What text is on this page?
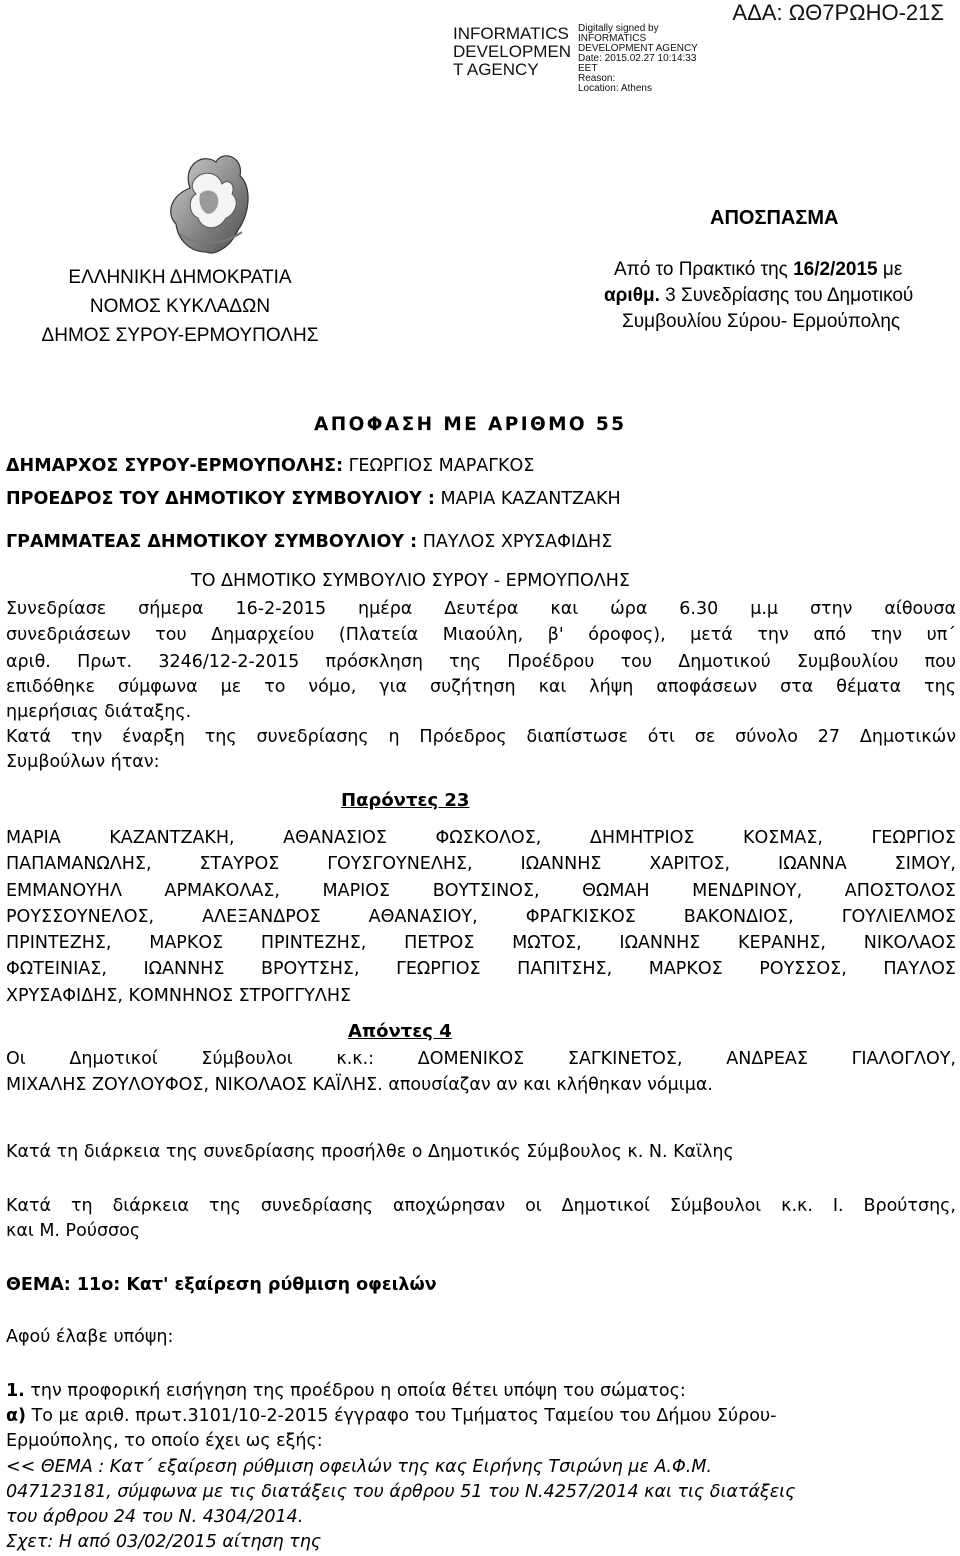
INFORMATICS
DEVELOPMEN
T AGENCY
Digitally signed by
INFORMATICS
DEVELOPMENT AGENCY
Date: 2015.02.27 10:14:33
EET
Reason:
Location: Athens
ΑΔΑ: ΩΘ7ΡΩΗΟ-21Σ
ΑΠΟΣΠΑΣΜΑ
Από το Πρακτικό της 16/2/2015 με
αριθμ. 3 Συνεδρίασης του Δημοτικού
Συμβουλίου Σύρου- Ερμούπολης
ΕΛΛΗΝΙΚΗ ΔΗΜΟΚΡΑΤΙΑ
ΝΟΜΟΣ ΚΥΚΛΑΔΩΝ
ΔΗΜΟΣ ΣΥΡΟΥ-ΕΡΜΟΥΠΟΛΗΣ
ΑΠΟΦΑΣΗ ΜΕ ΑΡΙΘΜΟ 55
ΔΗΜΑΡΧΟΣ ΣΥΡΟΥ-ΕΡΜΟΥΠΟΛΗΣ: ΓΕΩΡΓΙΟΣ ΜΑΡΑΓΚΟΣ
ΠΡΟΕΔΡΟΣ ΤΟΥ ΔΗΜΟΤΙΚΟΥ ΣΥΜΒΟΥΛΙΟΥ : ΜΑΡΙΑ ΚΑΖΑΝΤΖΑΚΗ
ΓΡΑΜΜΑΤΕΑΣ ΔΗΜΟΤΙΚΟΥ ΣΥΜΒΟΥΛΙΟΥ : ΠΑΥΛΟΣ ΧΡΥΣΑΦΙΔΗΣ
ΤΟ ΔΗΜΟΤΙΚΟ ΣΥΜΒΟΥΛΙΟ ΣΥΡΟΥ - ΕΡΜΟΥΠΟΛΗΣ
Συνεδρίασε σήμερα 16-2-2015 ημέρα Δευτέρα και ώρα 6.30 μ.μ στην αίθουσα
συνεδριάσεων του Δημαρχείου (Πλατεία Μιαούλη, β' όροφος), μετά την από την υπ΄
αριθ. Πρωτ. 3246/12-2-2015 πρόσκληση της Προέδρου του Δημοτικού Συμβουλίου που
επιδόθηκε σύμφωνα με το νόμο, για συζήτηση και λήψη αποφάσεων στα θέματα της
ημερήσιας διάταξης.
Κατά την έναρξη της συνεδρίασης η Πρόεδρος διαπίστωσε ότι σε σύνολο 27 Δημοτικών
Συμβούλων ήταν:
Παρόντες 23
ΜΑΡΙΑ ΚΑΖΑΝΤΖΑΚΗ, ΑΘΑΝΑΣΙΟΣ ΦΩΣΚΟΛΟΣ, ΔΗΜΗΤΡΙΟΣ ΚΟΣΜΑΣ, ΓΕΩΡΓΙΟΣ
ΠΑΠΑΜΑΝΩΛΗΣ, ΣΤΑΥΡΟΣ ΓΟΥΣΓΟΥΝΕΛΗΣ, ΙΩΑΝΝΗΣ ΧΑΡΙΤΟΣ, ΙΩΑΝΝΑ ΣΙΜΟΥ,
ΕΜΜΑΝΟΥΗΛ ΑΡΜΑΚΟΛΑΣ, ΜΑΡΙΟΣ ΒΟΥΤΣΙΝΟΣ, ΘΩΜΑΗ ΜΕΝΔΡΙΝΟΥ, ΑΠΟΣΤΟΛΟΣ
ΡΟΥΣΣΟΥΝΕΛΟΣ, ΑΛΕΞΑΝΔΡΟΣ ΑΘΑΝΑΣΙΟΥ, ΦΡΑΓΚΙΣΚΟΣ ΒΑΚΟΝΔΙΟΣ, ΓΟΥΛΙΕΛΜΟΣ
ΠΡΙΝΤΕΖΗΣ, ΜΑΡΚΟΣ ΠΡΙΝΤΕΖΗΣ, ΠΕΤΡΟΣ ΜΩΤΟΣ, ΙΩΑΝΝΗΣ ΚΕΡΑΝΗΣ, ΝΙΚΟΛΑΟΣ
ΦΩΤΕΙΝΙΑΣ, ΙΩΑΝΝΗΣ ΒΡΟΥΤΣΗΣ, ΓΕΩΡΓΙΟΣ ΠΑΠΙΤΣΗΣ, ΜΑΡΚΟΣ ΡΟΥΣΣΟΣ, ΠΑΥΛΟΣ
ΧΡΥΣΑΦΙΔΗΣ, ΚΟΜΝΗΝΟΣ ΣΤΡΟΓΓΥΛΗΣ
Απόντες 4
Οι Δημοτικοί Σύμβουλοι κ.κ.: ΔΟΜΕΝΙΚΟΣ ΣΑΓΚΙΝΕΤΟΣ, ΑΝΔΡΕΑΣ ΓΙΑΛΟΓΛΟΥ,
ΜΙΧΑΛΗΣ ΖΟΥΛΟΥΦΟΣ, ΝΙΚΟΛΑΟΣ ΚΑΪΛΗΣ. απουσίαζαν αν και κλήθηκαν νόμιμα.
Κατά τη διάρκεια της συνεδρίασης προσήλθε ο Δημοτικός Σύμβουλος κ. Ν. Καϊλης
Κατά τη διάρκεια της συνεδρίασης αποχώρησαν οι Δημοτικοί Σύμβουλοι κ.κ. Ι. Βρούτσης,
και Μ. Ρούσσος
ΘΕΜΑ: 11ο: Κατ' εξαίρεση ρύθμιση οφειλών
Αφού έλαβε υπόψη:
1. την προφορική εισήγηση της προέδρου η οποία θέτει υπόψη του σώματος:
α) Το με αριθ. πρωτ.3101/10-2-2015 έγγραφο του Τμήματος Ταμείου του Δήμου Σύρου-
Ερμούπολης, το οποίο έχει ως εξής:
<< ΘΕΜΑ : Κατ΄ εξαίρεση ρύθμιση οφειλών της κας Ειρήνης Τσιρώνη με Α.Φ.Μ.
047123181, σύμφωνα με τις διατάξεις του άρθρου 51 του Ν.4257/2014 και τις διατάξεις
του άρθρου 24 του Ν. 4304/2014.
Σχετ: Η από 03/02/2015 αίτηση της
